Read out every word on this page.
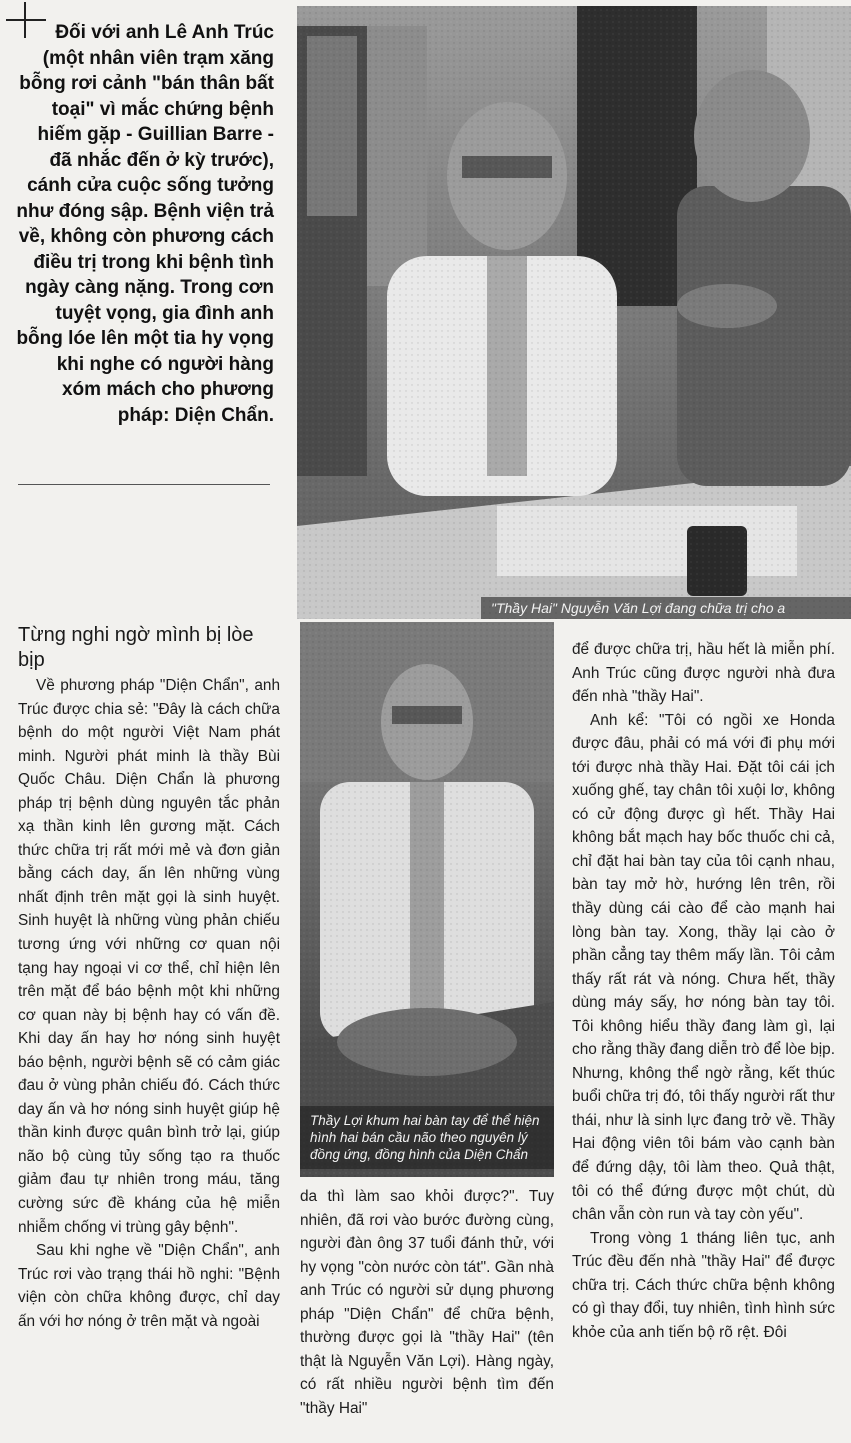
Đối với anh Lê Anh Trúc (một nhân viên trạm xăng bỗng rơi cảnh "bán thân bất toại" vì mắc chứng bệnh hiếm gặp - Guillian Barre - đã nhắc đến ở kỳ trước), cánh cửa cuộc sống tưởng như đóng sập. Bệnh viện trả về, không còn phương cách điều trị trong khi bệnh tình ngày càng nặng. Trong cơn tuyệt vọng, gia đình anh bỗng lóe lên một tia hy vọng khi nghe có người hàng xóm mách cho phương pháp: Diện Chẩn.
"Thầy Hai" Nguyễn Văn Lợi đang chữa trị cho a
Từng nghi ngờ mình bị lòe bịp

Về phương pháp "Diện Chẩn", anh Trúc được chia sẻ: "Đây là cách chữa bệnh do một người Việt Nam phát minh. Người phát minh là thầy Bùi Quốc Châu. Diện Chẩn là phương pháp trị bệnh dùng nguyên tắc phản xạ thần kinh lên gương mặt. Cách thức chữa trị rất mới mẻ và đơn giản bằng cách day, ấn lên những vùng nhất định trên mặt gọi là sinh huyệt. Sinh huyệt là những vùng phản chiếu tương ứng với những cơ quan nội tạng hay ngoại vi cơ thể, chỉ hiện lên trên mặt để báo bệnh một khi những cơ quan này bị bệnh hay có vấn đề. Khi day ấn hay hơ nóng sinh huyệt báo bệnh, người bệnh sẽ có cảm giác đau ở vùng phản chiếu đó. Cách thức day ấn và hơ nóng sinh huyệt giúp hệ thần kinh được quân bình trở lại, giúp não bộ cùng tủy sống tạo ra thuốc giảm đau tự nhiên trong máu, tăng cường sức đề kháng của hệ miễn nhiễm chống vi trùng gây bệnh".

Sau khi nghe về "Diện Chẩn", anh Trúc rơi vào trạng thái hồ nghi: "Bệnh viện còn chữa không được, chỉ day ấn với hơ nóng ở trên mặt và ngoài

Thầy Lợi khum hai bàn tay để thể hiện hình hai bán cầu não theo nguyên lý đồng ứng, đồng hình của Diện Chẩn

da thì làm sao khỏi được?". Tuy nhiên, đã rơi vào bước đường cùng, người đàn ông 37 tuổi đánh thử, với hy vọng "còn nước còn tát". Gần nhà anh Trúc có người sử dụng phương pháp "Diện Chẩn" để chữa bệnh, thường được gọi là "thầy Hai" (tên thật là Nguyễn Văn Lợi). Hàng ngày, có rất nhiều người bệnh tìm đến "thầy Hai"

để được chữa trị, hầu hết là miễn phí. Anh Trúc cũng được người nhà đưa đến nhà "thầy Hai".

Anh kể: "Tôi có ngồi xe Honda được đâu, phải có má với đi phụ mới tới được nhà thầy Hai. Đặt tôi cái ịch xuống ghế, tay chân tôi xuội lơ, không có cử động được gì hết. Thầy Hai không bắt mạch hay bốc thuốc chi cả, chỉ đặt hai bàn tay của tôi cạnh nhau, bàn tay mở hờ, hướng lên trên, rồi thầy dùng cái cào để cào mạnh hai lòng bàn tay. Xong, thầy lại cào ở phần cẳng tay thêm mấy lần. Tôi cảm thấy rất rát và nóng. Chưa hết, thầy dùng máy sấy, hơ nóng bàn tay tôi. Tôi không hiểu thầy đang làm gì, lại cho rằng thầy đang diễn trò để lòe bịp. Nhưng, không thể ngờ rằng, kết thúc buổi chữa trị đó, tôi thấy người rất thư thái, như là sinh lực đang trở về. Thầy Hai động viên tôi bám vào cạnh bàn để đứng dậy, tôi làm theo. Quả thật, tôi có thể đứng được một chút, dù chân vẫn còn run và tay còn yếu".

Trong vòng 1 tháng liên tục, anh Trúc đều đến nhà "thầy Hai" để được chữa trị. Cách thức chữa bệnh không có gì thay đổi, tuy nhiên, tình hình sức khỏe của anh tiến bộ rõ rệt. Đôi
